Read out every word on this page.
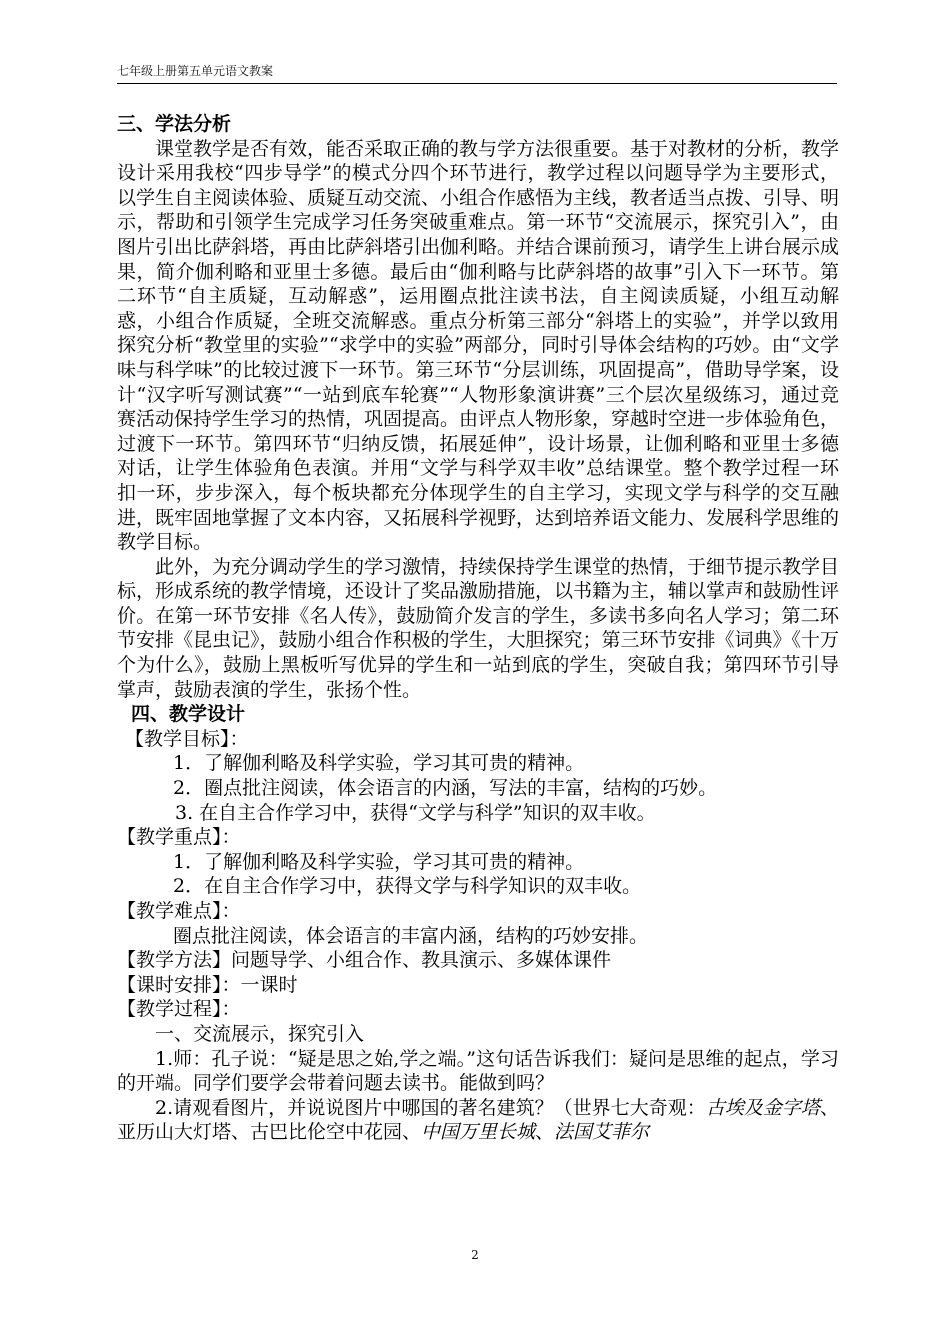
七年级上册第五单元语文教案

三、学法分析

课堂教学是否有效，能否采取正确的教与学方法很重要。基于对教材的分析，教学设计采用我校“四步导学”的模式分四个环节进行，教学过程以问题导学为主要形式，以学生自主阅读体验、质疑互动交流、小组合作感悟为主线，教者适当点拨、引导、明示，帮助和引领学生完成学习任务突破重难点。第一环节“交流展示，探究引入”，由图片引出比萨斜塔，再由比萨斜塔引出伽利略。并结合课前预习，请学生上讲台展示成果，简介伽利略和亚里士多德。最后由“伽利略与比萨斜塔的故事”引入下一环节。第二环节“自主质疑，互动解惑”，运用圈点批注读书法，自主阅读质疑，小组互动解惑，小组合作质疑，全班交流解惑。重点分析第三部分“斜塔上的实验”，并学以致用探究分析“教堂里的实验”“求学中的实验”两部分，同时引导体会结构的巧妙。由“文学味与科学味”的比较过渡下一环节。第三环节“分层训练，巩固提高”，借助导学案，设计“汉字听写测试赛”“一站到底车轮赛”“人物形象演讲赛”三个层次星级练习，通过竞赛活动保持学生学习的热情，巩固提高。由评点人物形象，穿越时空进一步体验角色，过渡下一环节。第四环节“归纳反馈，拓展延伸”，设计场景，让伽利略和亚里士多德对话，让学生体验角色表演。并用“文学与科学双丰收”总结课堂。整个教学过程一环扣一环，步步深入，每个板块都充分体现学生的自主学习，实现文学与科学的交互融进，既牢固地掌握了文本内容，又拓展科学视野，达到培养语文能力、发展科学思维的教学目标。

此外，为充分调动学生的学习激情，持续保持学生课堂的热情，于细节提示教学目标，形成系统的教学情境，还设计了奖品激励措施，以书籍为主，辅以掌声和鼓励性评价。在第一环节安排《名人传》，鼓励简介发言的学生，多读书多向名人学习；第二环节安排《昆虫记》，鼓励小组合作积极的学生，大胆探究；第三环节安排《词典》《十万个为什么》，鼓励上黑板听写优异的学生和一站到底的学生，突破自我；第四环节引导掌声，鼓励表演的学生，张扬个性。

四、教学设计

【教学目标】：

1．了解伽利略及科学实验，学习其可贵的精神。

2．圈点批注阅读，体会语言的内涵，写法的丰富，结构的巧妙。

3. 在自主合作学习中，获得“文学与科学”知识的双丰收。

【教学重点】：

1．了解伽利略及科学实验，学习其可贵的精神。

2．在自主合作学习中，获得文学与科学知识的双丰收。

【教学难点】：

圈点批注阅读，体会语言的丰富内涵，结构的巧妙安排。

【教学方法】问题导学、小组合作、教具演示、多媒体课件

【课时安排】：一课时

【教学过程】：

一、交流展示，探究引入

1.师：孔子说：“疑是思之始,学之端。”这句话告诉我们：疑问是思维的起点，学习的开端。同学们要学会带着问题去读书。能做到吗？

2.请观看图片，并说说图片中哪国的著名建筑？（世界七大奇观：古埃及金字塔、亚历山大灯塔、古巴比伦空中花园、中国万里长城、法国艾菲尔

2
